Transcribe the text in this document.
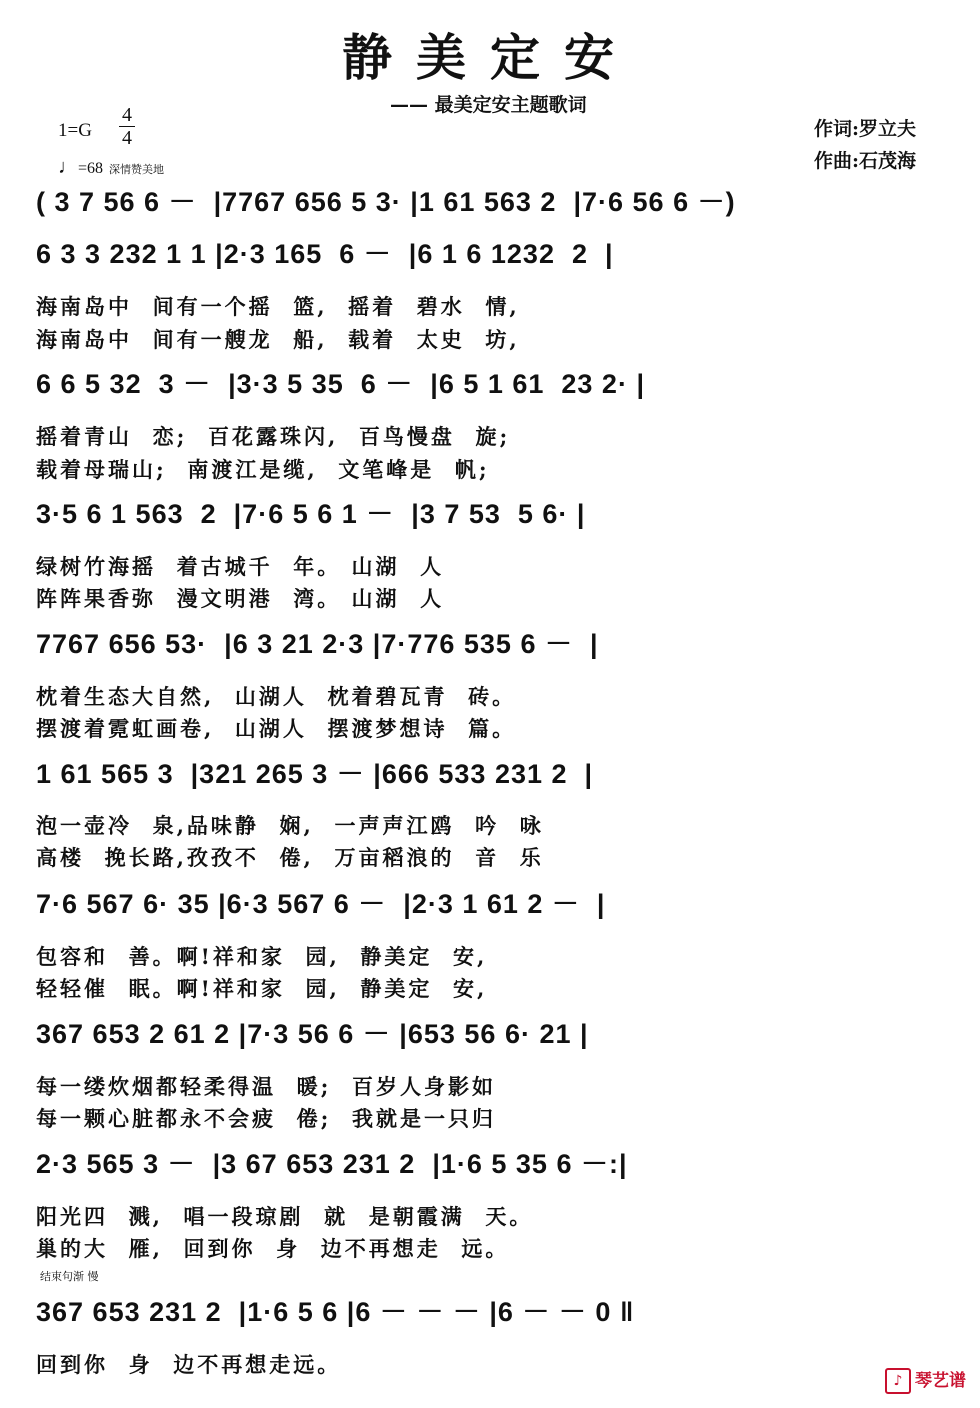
静美定安
—— 最美定安主题歌词
1=G
4
4
♩=68 深情赞美地
作词:罗立夫
作曲:石茂海
( 3 7 56 6 －  |7767 656 5 3· |1 61 563 2  |7·6 56 6 －)
6 3 3 232 1 1 |2·3 165  6 －  |6 1 6 1232  2  |
海南岛中  间有一个摇  篮,  摇着  碧水  情,
海南岛中  间有一艘龙  船,  载着  太史  坊,
6 6 5 32  3 －  |3·3 5 35  6 －  |6 5 1 61  23 2· |
摇着青山  恋;  百花露珠闪,  百鸟慢盘  旋;
载着母瑞山;  南渡江是缆,  文笔峰是  帆;
3·5 6 1 563  2  |7·6 5 6 1 －  |3 7 53  5 6· |
绿树竹海摇  着古城千  年。 山湖  人
阵阵果香弥  漫文明港  湾。 山湖  人
7767 656 53·  |6 3 21 2·3 |7·776 535 6 －  |
枕着生态大自然,  山湖人  枕着碧瓦青  砖。
摆渡着霓虹画卷,  山湖人  摆渡梦想诗  篇。
1 61 565 3  |321 265 3 － |666 533 231 2  |
泡一壶冷  泉,品味静  娴,  一声声江鸥  吟  咏
高楼  挽长路,孜孜不  倦,  万亩稻浪的  音  乐
7·6 567 6· 35 |6·3 567 6 －  |2·3 1 61 2 －  |
包容和  善。啊!祥和家  园,  静美定  安,
轻轻催  眠。啊!祥和家  园,  静美定  安,
367 653 2 61 2 |7·3 56 6 － |653 56 6· 21 |
每一缕炊烟都轻柔得温  暖;  百岁人身影如
每一颗心脏都永不会疲  倦;  我就是一只归
2·3 565 3 －  |3 67 653 231 2  |1·6 5 35 6 －:|
阳光四  溅,  唱一段琼剧  就  是朝霞满  天。
巢的大  雁,  回到你  身  边不再想走  远。
结束句渐 慢
367 653 231 2  |1·6 5 6 |6 － － － |6 － － 0 ‖
回到你  身  边不再想走远。
♪ 琴艺谱
